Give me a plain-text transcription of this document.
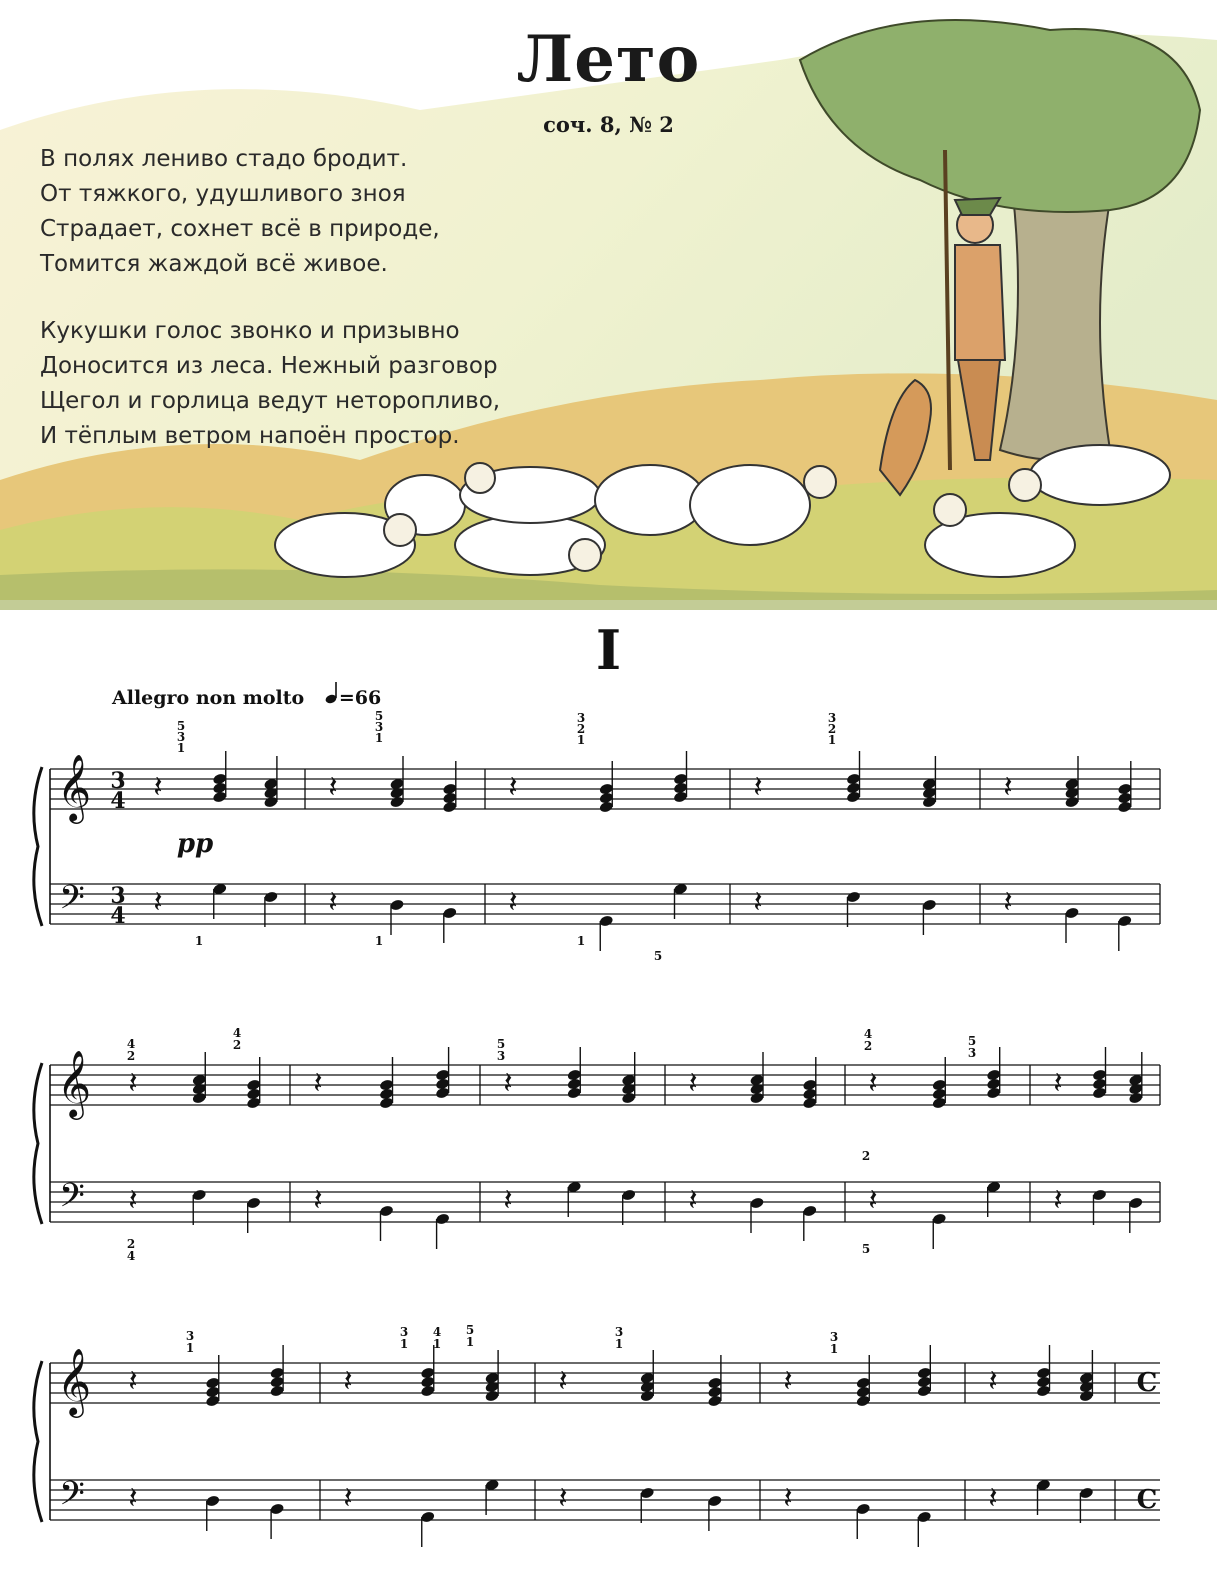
Лето
соч. 8, № 2
В полях лениво стадо бродит.
От тяжкого, удушливого зноя
Страдает, сохнет всё в природе,
Томится жаждой всё живое.
Кукушки голос звонко и призывно
Доносится из леса. Нежный разговор
Щегол и горлица ведут неторопливо,
И тёплым ветром напоён простор.
I
Allegro non molto =66
𝄞
𝄢
3
4
3
4
𝄽
𝄽
𝄽
𝄽
𝄽
𝄽
𝄽
𝄽
𝄽
𝄽
𝄞
𝄢
𝄽
𝄽
𝄽
𝄽
𝄽
𝄽
𝄽
𝄽
𝄽
𝄽
𝄽
𝄽
𝄞
𝄢
C
C
𝄽
𝄽
𝄽
𝄽
𝄽
𝄽
𝄽
𝄽
𝄽
𝄽
pp
5
3
1
5
3
1
3
2
1
3
2
1
1	1	1
5
4
2
4
2	5
3
4
2	5
3
2
4
2
5
3
1
3
1
4
1
5
1
3
1	3
1
